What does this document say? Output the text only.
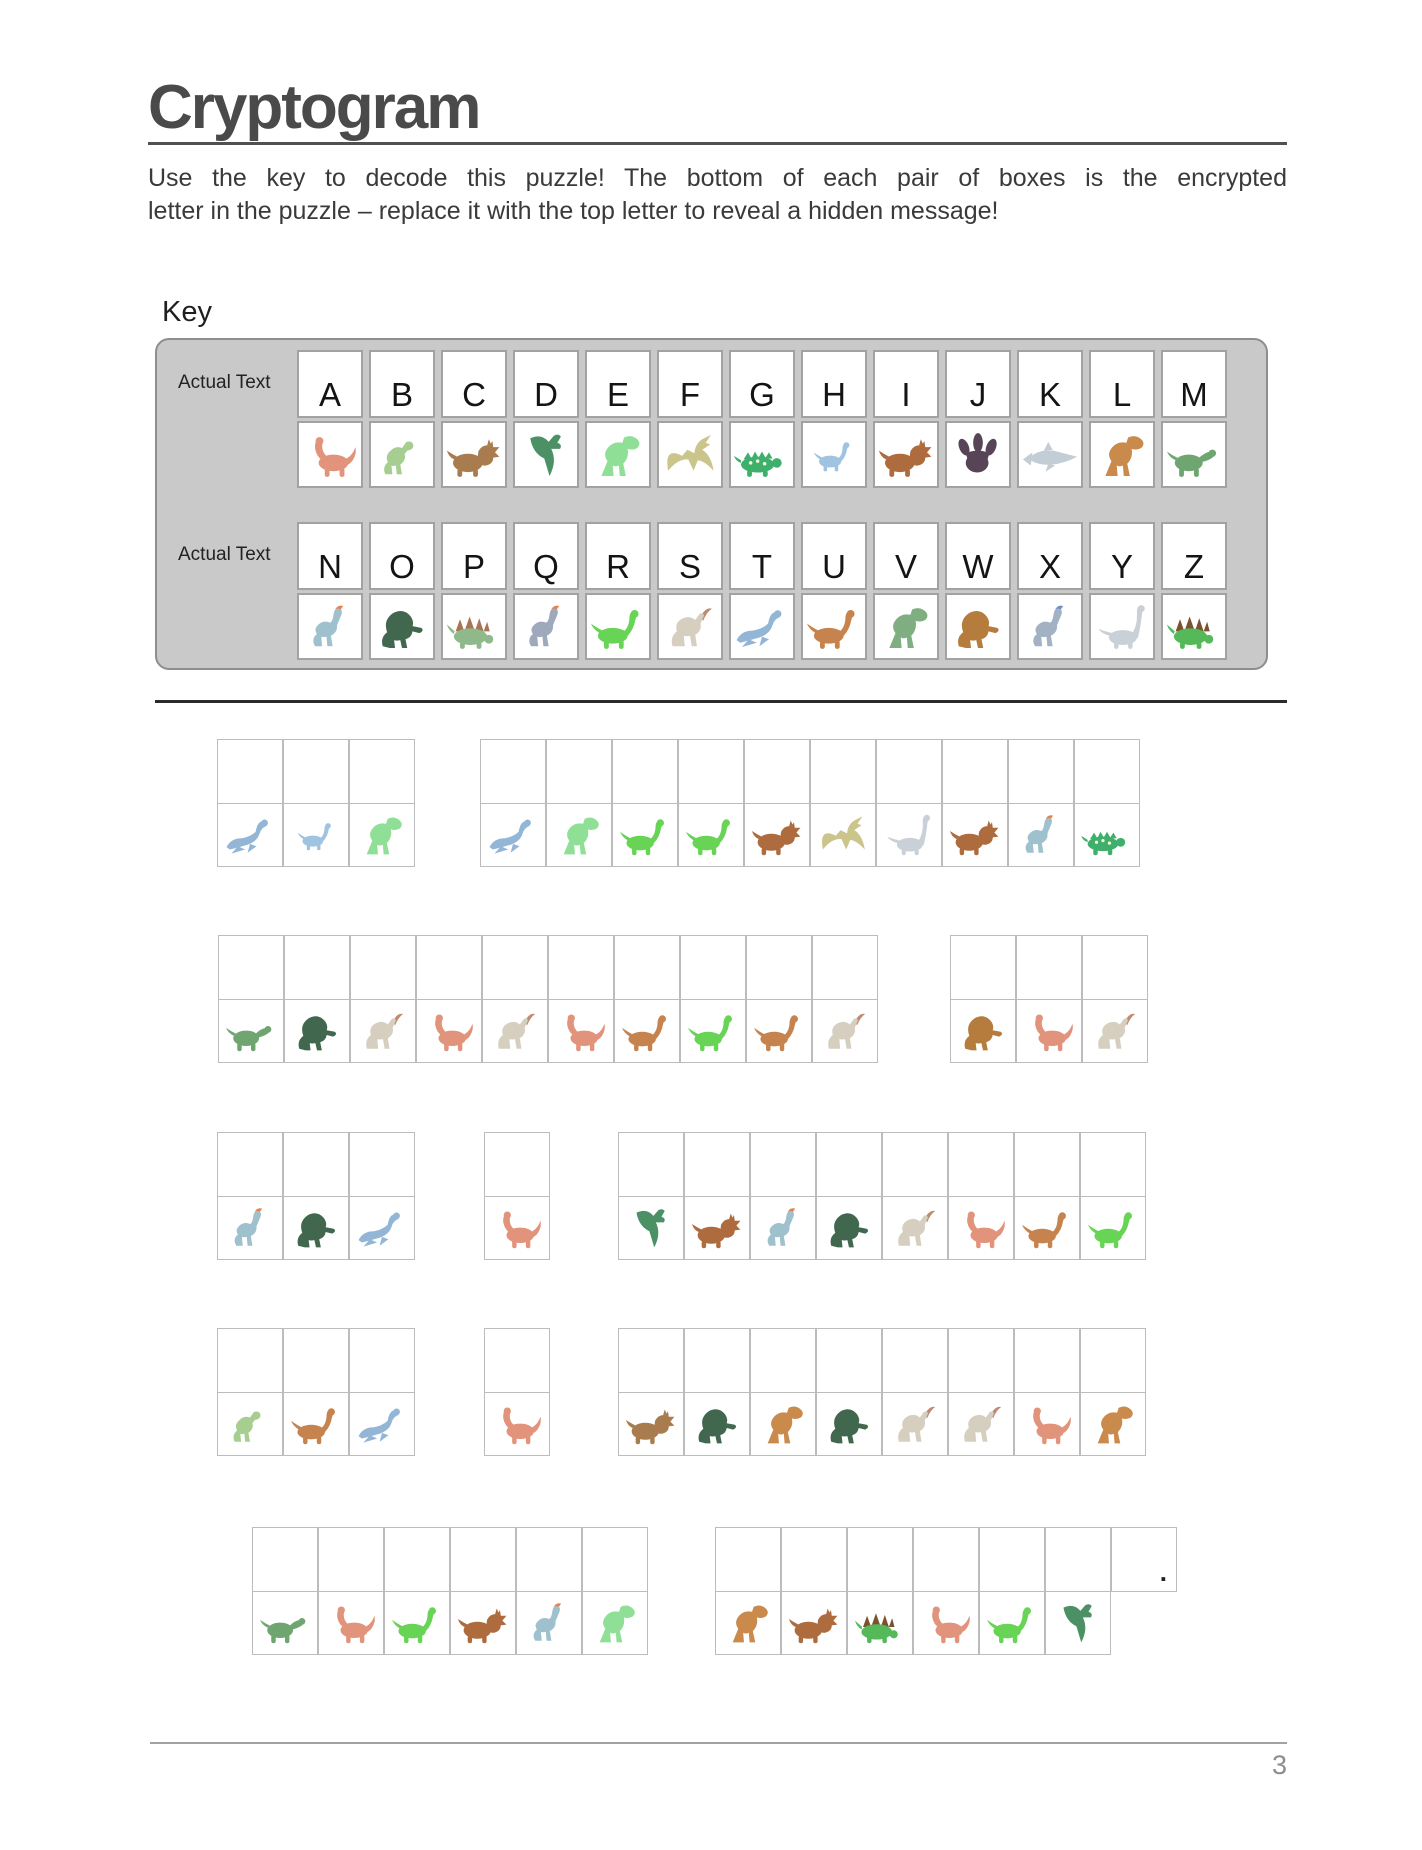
Cryptogram
Use the key to decode this puzzle! The bottom of each pair of boxes is the encrypted
letter in the puzzle – replace it with the top letter to reveal a hidden message!
Key
Actual Text
Actual Text
A	B	C	D	E	F	G	H	I	J	K	L	M
N	O	P	Q	R	S	T	U	V	W	X	Y	Z
.
3
